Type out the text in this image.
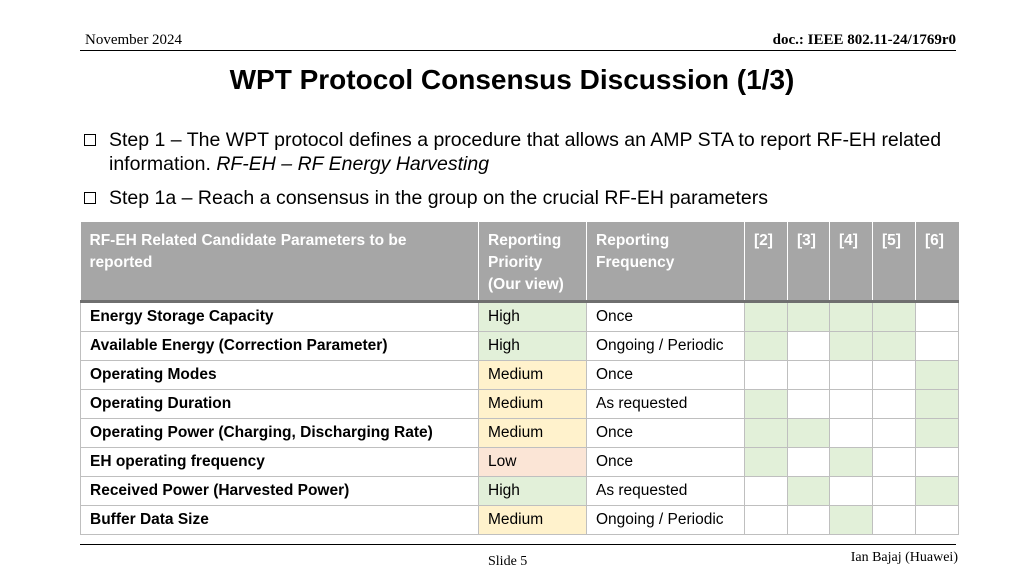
November 2024	doc.: IEEE 802.11-24/1769r0
WPT Protocol Consensus Discussion (1/3)
Step 1 – The WPT protocol defines a procedure that allows an AMP STA to report RF-EH related information. RF-EH – RF Energy Harvesting
Step 1a – Reach a consensus in the group on the crucial RF-EH parameters
RF-EH Related Candidate Parameters to be reported	Reporting Priority (Our view)	Reporting Frequency	[2]	[3]	[4]	[5]	[6]
Energy Storage Capacity	High	Once					
Available Energy (Correction Parameter)	High	Ongoing / Periodic					
Operating Modes	Medium	Once					
Operating Duration	Medium	As requested					
Operating Power (Charging, Discharging Rate)	Medium	Once					
EH operating frequency	Low	Once					
Received Power (Harvested Power)	High	As requested					
Buffer Data Size	Medium	Ongoing / Periodic					
Slide 5	Ian Bajaj (Huawei)
